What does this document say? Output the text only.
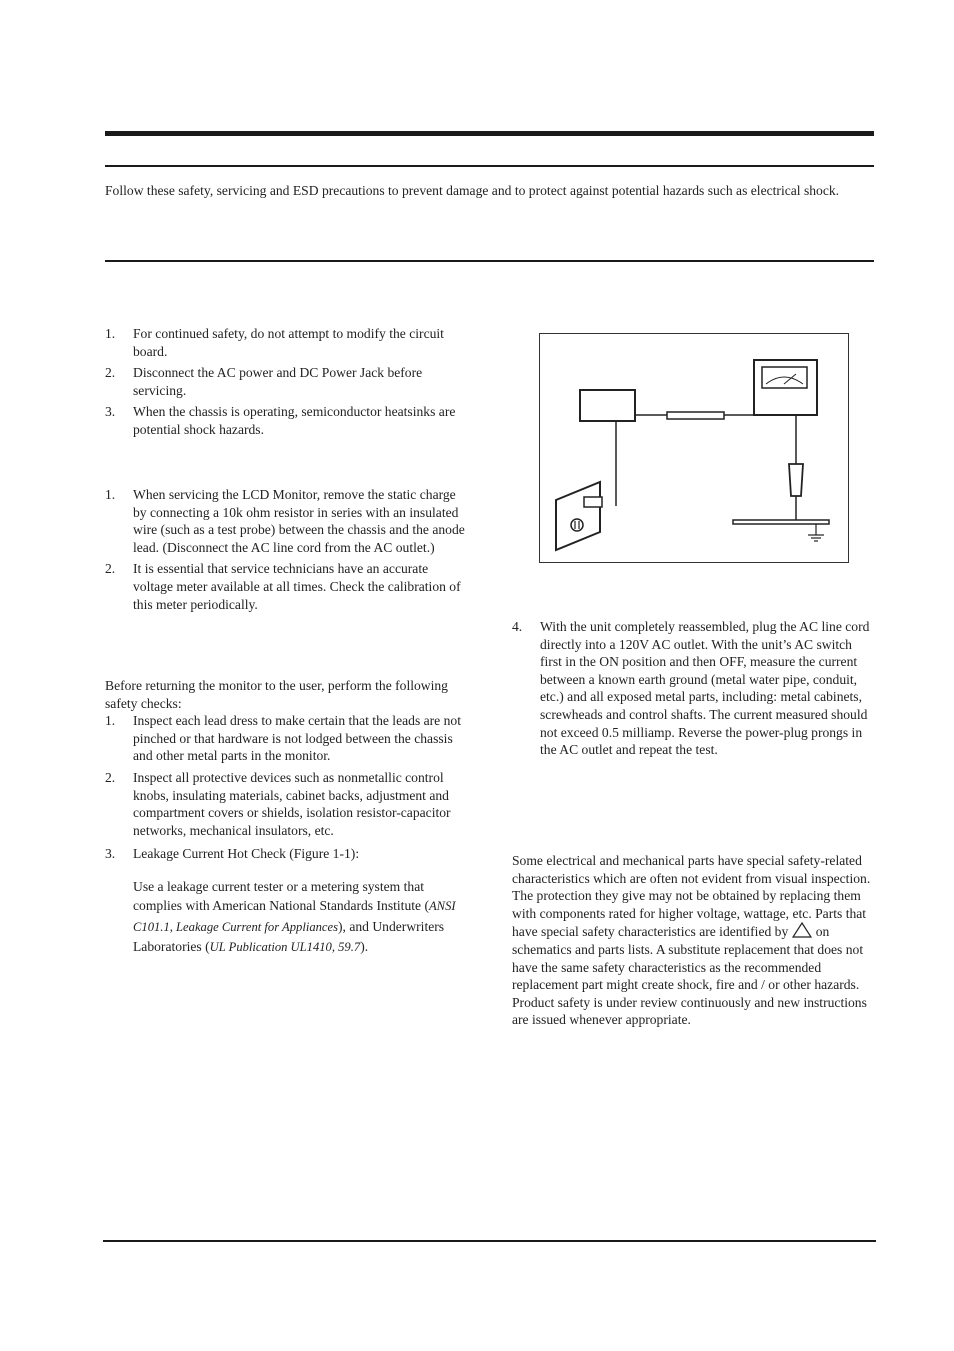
Follow these safety, servicing and ESD precautions to prevent damage and to protect against potential hazards such as electrical shock.

1. For continued safety, do not attempt to modify the circuit board.
2. Disconnect the AC power and DC Power Jack before servicing.
3. When the chassis is operating, semiconductor heatsinks are potential shock hazards.
1. When servicing the LCD Monitor, remove the static charge by connecting a 10k ohm resistor in series with an insulated wire (such as a test probe) between the chassis and the anode lead. (Disconnect the AC line cord from the AC outlet.)
2. It is essential that service technicians have an accurate voltage meter available at all times. Check the calibration of this meter periodically.

Before returning the monitor to the user, perform the following safety checks:

1. Inspect each lead dress to make certain that the leads are not pinched or that hardware is not lodged between the chassis and other metal parts in the monitor.
2. Inspect all protective devices such as nonmetallic control knobs, insulating materials, cabinet backs, adjustment and compartment covers or shields, isolation resistor-capacitor networks, mechanical insulators, etc.
3. Leakage Current Hot Check (Figure 1-1):
Use a leakage current tester or a metering system that complies with American National Standards Institute (ANSI C101.1, Leakage Current for Appliances), and Underwriters Laboratories (UL Publication UL1410, 59.7).
4. With the unit completely reassembled, plug the AC line cord directly into a 120V AC outlet. With the unit’s AC switch first in the ON position and then OFF, measure the current between a known earth ground (metal water pipe, conduit, etc.) and all exposed metal parts, including: metal cabinets, screwheads and control shafts. The current measured should not exceed 0.5 milliamp. Reverse the power-plug prongs in the AC outlet and repeat the test.

Some electrical and mechanical parts have special safety-related characteristics which are often not evident from visual inspection. The protection they give may not be obtained by replacing them with components rated for higher voltage, wattage, etc. Parts that have special safety characteristics are identified by on schematics and parts lists. A substitute replacement that does not have the same safety characteristics as the recommended replacement part might create shock, fire and / or other hazards. Product safety is under review continuously and new instructions are issued whenever appropriate.
